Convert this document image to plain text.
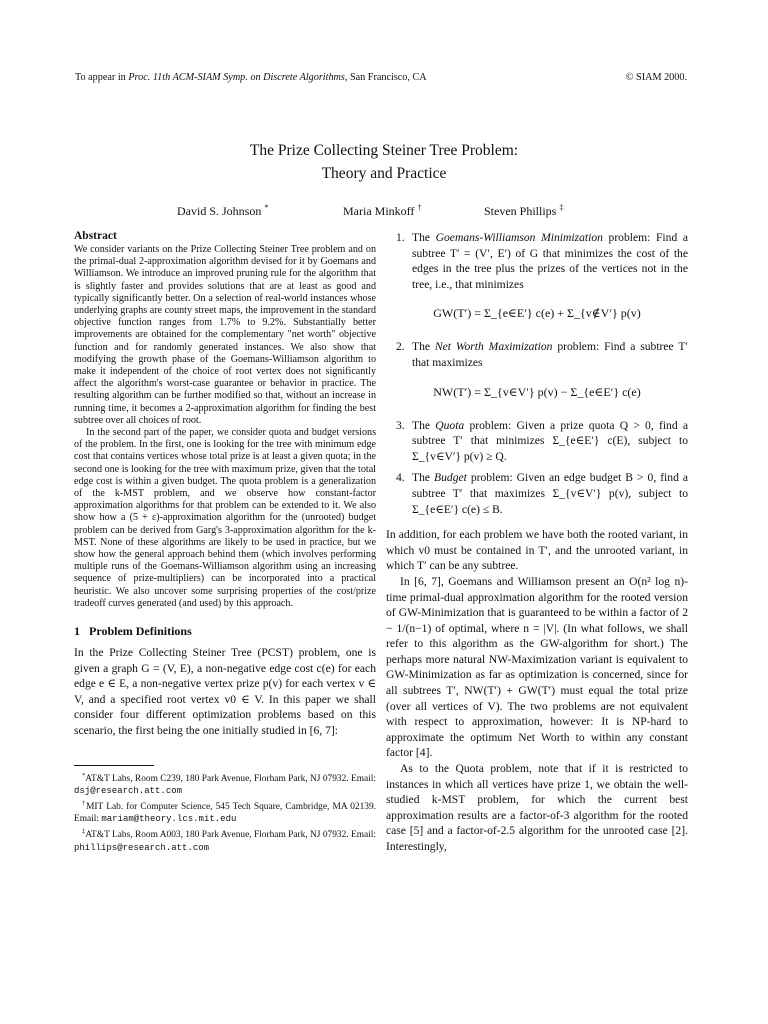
To appear in Proc. 11th ACM-SIAM Symp. on Discrete Algorithms, San Francisco, CA	© SIAM 2000.
The Prize Collecting Steiner Tree Problem:
Theory and Practice
David S. Johnson *	Maria Minkoff †	Steven Phillips ‡
Abstract

We consider variants on the Prize Collecting Steiner Tree problem and on the primal-dual 2-approximation algorithm devised for it by Goemans and Williamson. We introduce an improved pruning rule for the algorithm that is slightly faster and provides solutions that are at least as good and typically significantly better. On a selection of real-world instances whose underlying graphs are county street maps, the improvement in the standard objective function ranges from 1.7% to 9.2%. Substantially better improvements are obtained for the complementary "net worth" objective function and for randomly generated instances. We also show that modifying the growth phase of the Goemans-Williamson algorithm to make it independent of the choice of root vertex does not significantly affect the algorithm's worst-case guarantee or behavior in practice. The resulting algorithm can be further modified so that, without an increase in running time, it becomes a 2-approximation algorithm for finding the best subtree over all choices of root.

In the second part of the paper, we consider quota and budget versions of the problem. In the first, one is looking for the tree with minimum edge cost that contains vertices whose total prize is at least a given quota; in the second one is looking for the tree with maximum prize, given that the total edge cost is within a given budget. The quota problem is a generalization of the k-MST problem, and we observe how constant-factor approximation algorithms for that problem can be extended to it. We also show how a (5 + ε)-approximation algorithm for the (unrooted) budget problem can be derived from Garg's 3-approximation algorithm for the k-MST. None of these algorithms are likely to be used in practice, but we show how the general approach behind them (which involves performing multiple runs of the Goemans-Williamson algorithm using an increasing sequence of prize-multipliers) can be incorporated into a practical heuristic. We also uncover some surprising properties of the cost/prize tradeoff curves generated (and used) by this approach.

1 Problem Definitions

In the Prize Collecting Steiner Tree (PCST) problem, one is given a graph G = (V, E), a non-negative edge cost c(e) for each edge e ∈ E, a non-negative vertex prize p(v) for each vertex v ∈ V, and a specified root vertex v0 ∈ V. In this paper we shall consider four different optimization problems based on this scenario, the first being the one initially studied in [6, 7]:

*AT&T Labs, Room C239, 180 Park Avenue, Florham Park, NJ 07932. Email: dsj@research.att.com

†MIT Lab. for Computer Science, 545 Tech Square, Cambridge, MA 02139. Email: mariam@theory.lcs.mit.edu

‡AT&T Labs, Room A003, 180 Park Avenue, Florham Park, NJ 07932. Email: phillips@research.att.com

1. The Goemans-Williamson Minimization problem: Find a subtree T′ = (V′, E′) of G that minimizes the cost of the edges in the tree plus the prizes of the vertices not in the tree, i.e., that minimizes
GW(T′) = Σ_{e∈E′} c(e) + Σ_{v∉V′} p(v)
2. The Net Worth Maximization problem: Find a subtree T′ that maximizes
NW(T′) = Σ_{v∈V′} p(v) − Σ_{e∈E′} c(e)
3. The Quota problem: Given a prize quota Q > 0, find a subtree T′ that minimizes Σ_{e∈E′} c(E), subject to Σ_{v∈V′} p(v) ≥ Q.
4. The Budget problem: Given an edge budget B > 0, find a subtree T′ that maximizes Σ_{v∈V′} p(v), subject to Σ_{e∈E′} c(e) ≤ B.

In addition, for each problem we have both the rooted variant, in which v0 must be contained in T′, and the unrooted variant, in which T′ can be any subtree.

In [6, 7], Goemans and Williamson present an O(n² log n)-time primal-dual approximation algorithm for the rooted version of GW-Minimization that is guaranteed to be within a factor of 2 − 1/(n−1) of optimal, where n = |V|. (In what follows, we shall refer to this algorithm as the GW-algorithm for short.) The perhaps more natural NW-Maximization variant is equivalent to GW-Minimization as far as optimization is concerned, since for all subtrees T′, NW(T′) + GW(T′) must equal the total prize (over all vertices of V). The two problems are not equivalent with respect to approximation, however: It is NP-hard to approximate the optimum Net Worth to within any constant factor [4].

As to the Quota problem, note that if it is restricted to instances in which all vertices have prize 1, we obtain the well-studied k-MST problem, for which the current best approximation results are a factor-of-3 algorithm for the rooted case [5] and a factor-of-2.5 algorithm for the unrooted case [2]. Interestingly,
